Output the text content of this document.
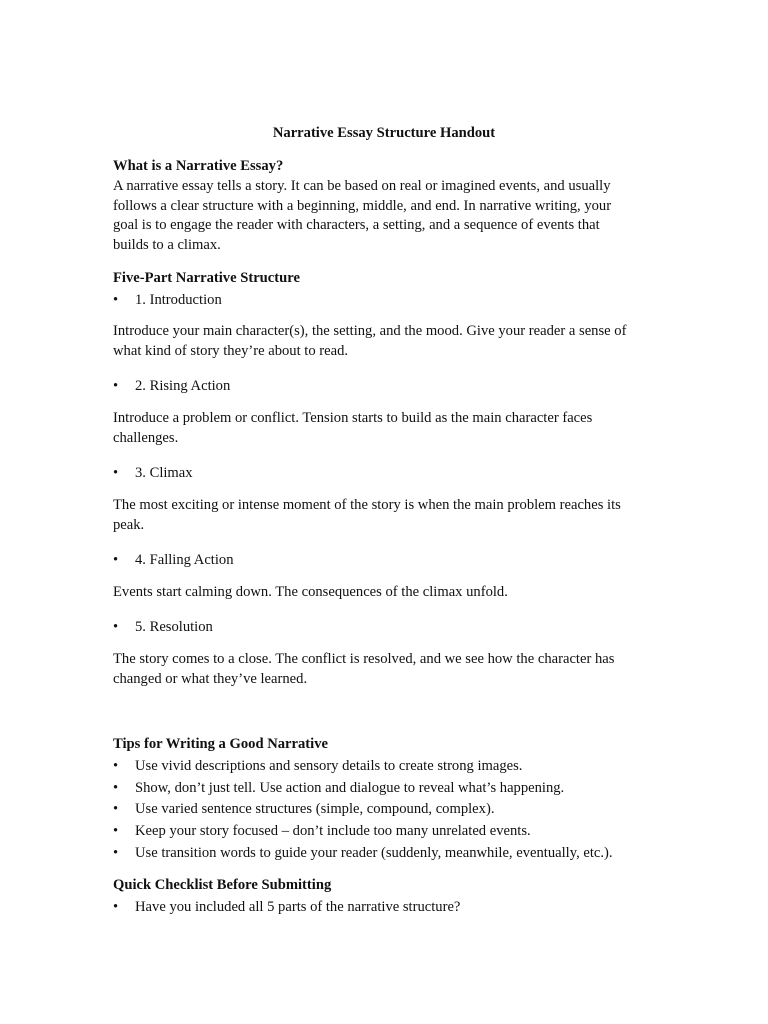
Narrative Essay Structure Handout
What is a Narrative Essay?
A narrative essay tells a story. It can be based on real or imagined events, and usually
follows a clear structure with a beginning, middle, and end. In narrative writing, your
goal is to engage the reader with characters, a setting, and a sequence of events that
builds to a climax.
Five-Part Narrative Structure
•	1. Introduction
Introduce your main character(s), the setting, and the mood. Give your reader a sense of
what kind of story they’re about to read.
•	2. Rising Action
Introduce a problem or conflict. Tension starts to build as the main character faces
challenges.
•	3. Climax
The most exciting or intense moment of the story is when the main problem reaches its
peak.
•	4. Falling Action
Events start calming down. The consequences of the climax unfold.
•	5. Resolution
The story comes to a close. The conflict is resolved, and we see how the character has
changed or what they’ve learned.
Tips for Writing a Good Narrative
•	Use vivid descriptions and sensory details to create strong images.
•	Show, don’t just tell. Use action and dialogue to reveal what’s happening.
•	Use varied sentence structures (simple, compound, complex).
•	Keep your story focused – don’t include too many unrelated events.
•	Use transition words to guide your reader (suddenly, meanwhile, eventually, etc.).
Quick Checklist Before Submitting
•	Have you included all 5 parts of the narrative structure?
